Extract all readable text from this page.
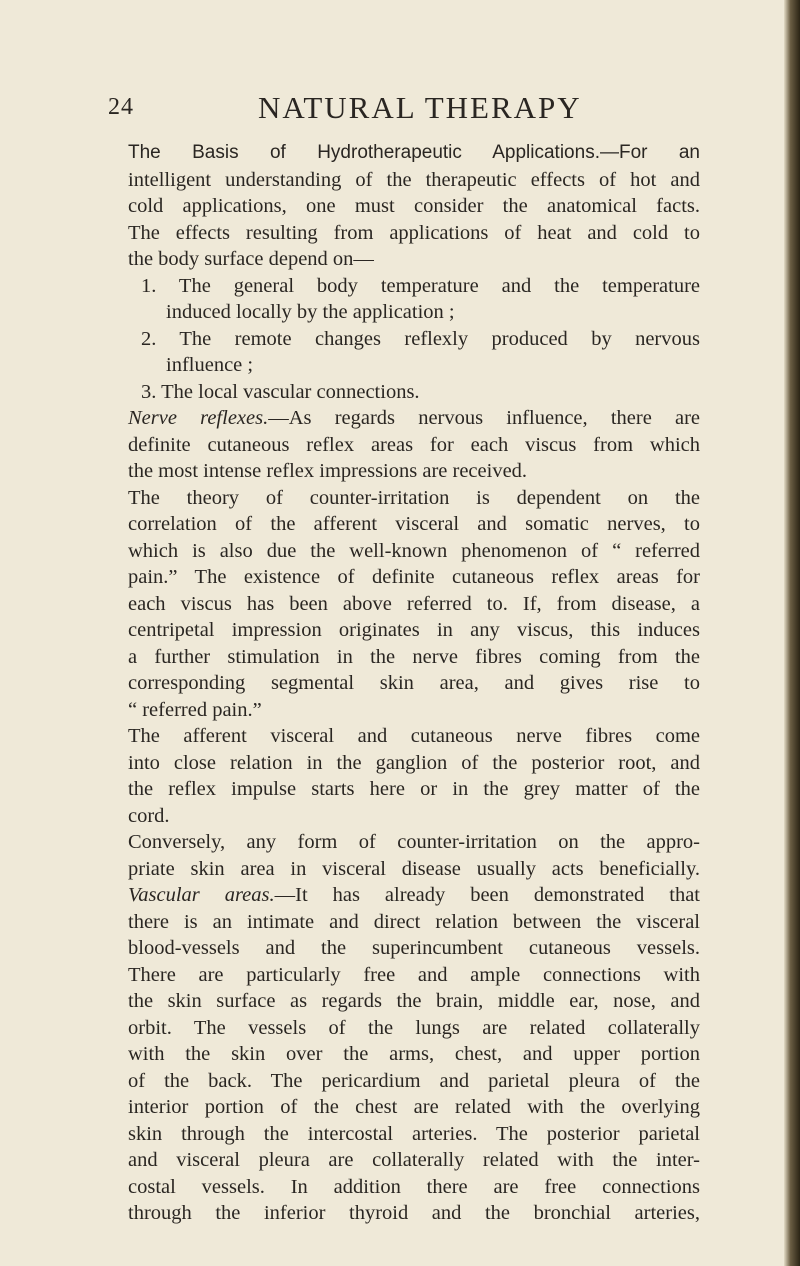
24	NATURAL THERAPY
The Basis of Hydrotherapeutic Applications.—For an
intelligent understanding of the therapeutic effects of hot and
cold applications, one must consider the anatomical facts.
The effects resulting from applications of heat and cold to
the body surface depend on—
1. The general body temperature and the temperature
induced locally by the application ;
2. The remote changes reflexly produced by nervous
influence ;
3. The local vascular connections.
Nerve reflexes.—As regards nervous influence, there are
definite cutaneous reflex areas for each viscus from which
the most intense reflex impressions are received.
The theory of counter-irritation is dependent on the
correlation of the afferent visceral and somatic nerves, to
which is also due the well-known phenomenon of “ referred
pain.” The existence of definite cutaneous reflex areas for
each viscus has been above referred to. If, from disease, a
centripetal impression originates in any viscus, this induces
a further stimulation in the nerve fibres coming from the
corresponding segmental skin area, and gives rise to
“ referred pain.”
The afferent visceral and cutaneous nerve fibres come
into close relation in the ganglion of the posterior root, and
the reflex impulse starts here or in the grey matter of the
cord.
Conversely, any form of counter-irritation on the appro-
priate skin area in visceral disease usually acts beneficially.
Vascular areas.—It has already been demonstrated that
there is an intimate and direct relation between the visceral
blood-vessels and the superincumbent cutaneous vessels.
There are particularly free and ample connections with
the skin surface as regards the brain, middle ear, nose, and
orbit. The vessels of the lungs are related collaterally
with the skin over the arms, chest, and upper portion
of the back. The pericardium and parietal pleura of the
interior portion of the chest are related with the overlying
skin through the intercostal arteries. The posterior parietal
and visceral pleura are collaterally related with the inter-
costal vessels. In addition there are free connections
through the inferior thyroid and the bronchial arteries,
